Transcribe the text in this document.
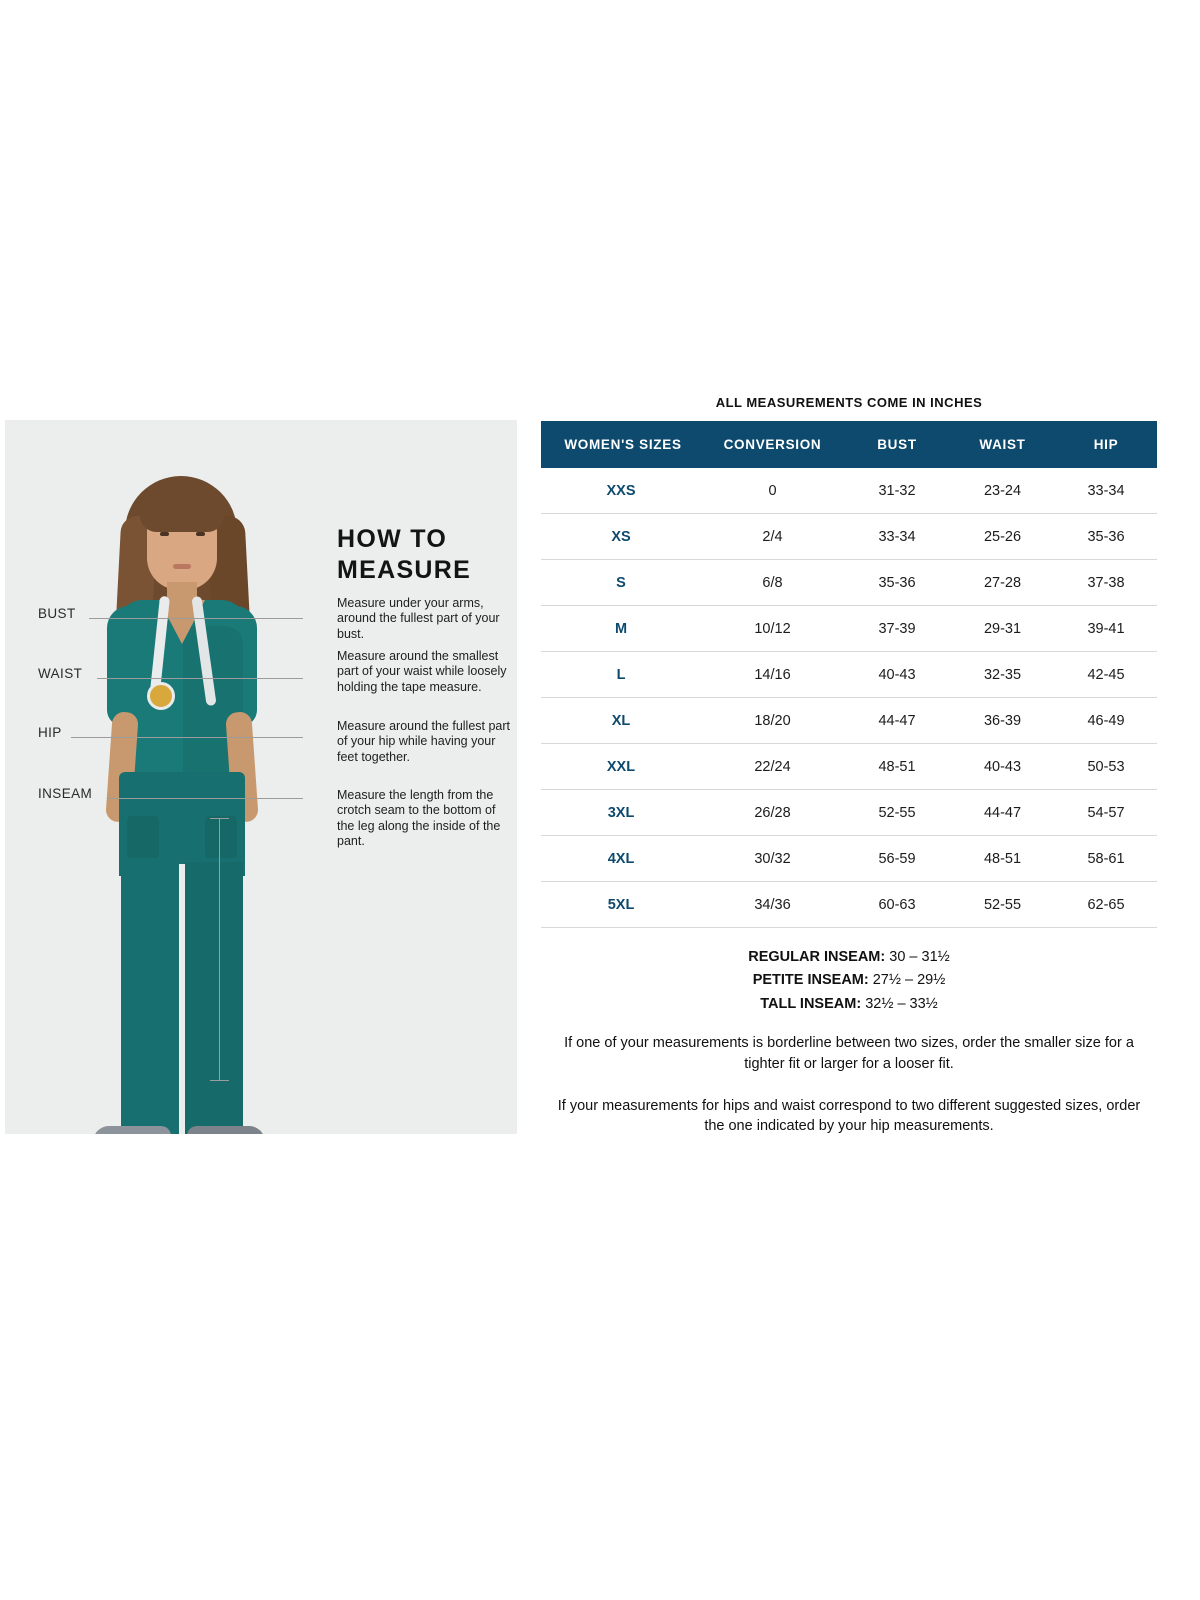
HOW TO
MEASURE
BUST
WAIST
HIP
INSEAM
Measure under your arms, around the fullest part of your bust.
Measure around the smallest part of your waist while loosely holding the tape measure.
Measure around the fullest part of your hip while having your feet together.
Measure the length from the crotch seam to the bottom of the leg along the inside of the pant.
ALL MEASUREMENTS COME IN INCHES
WOMEN'S SIZES	CONVERSION	BUST	WAIST	HIP
XXS	0	31-32	23-24	33-34
XS	2/4	33-34	25-26	35-36
S	6/8	35-36	27-28	37-38
M	10/12	37-39	29-31	39-41
L	14/16	40-43	32-35	42-45
XL	18/20	44-47	36-39	46-49
XXL	22/24	48-51	40-43	50-53
3XL	26/28	52-55	44-47	54-57
4XL	30/32	56-59	48-51	58-61
5XL	34/36	60-63	52-55	62-65
REGULAR INSEAM: 30 – 31½
PETITE INSEAM: 27½ – 29½
TALL INSEAM: 32½ – 33½
If one of your measurements is borderline between two sizes, order the smaller size for a tighter fit or larger for a looser fit.
If your measurements for hips and waist correspond to two different suggested sizes, order the one indicated by your hip measurements.
